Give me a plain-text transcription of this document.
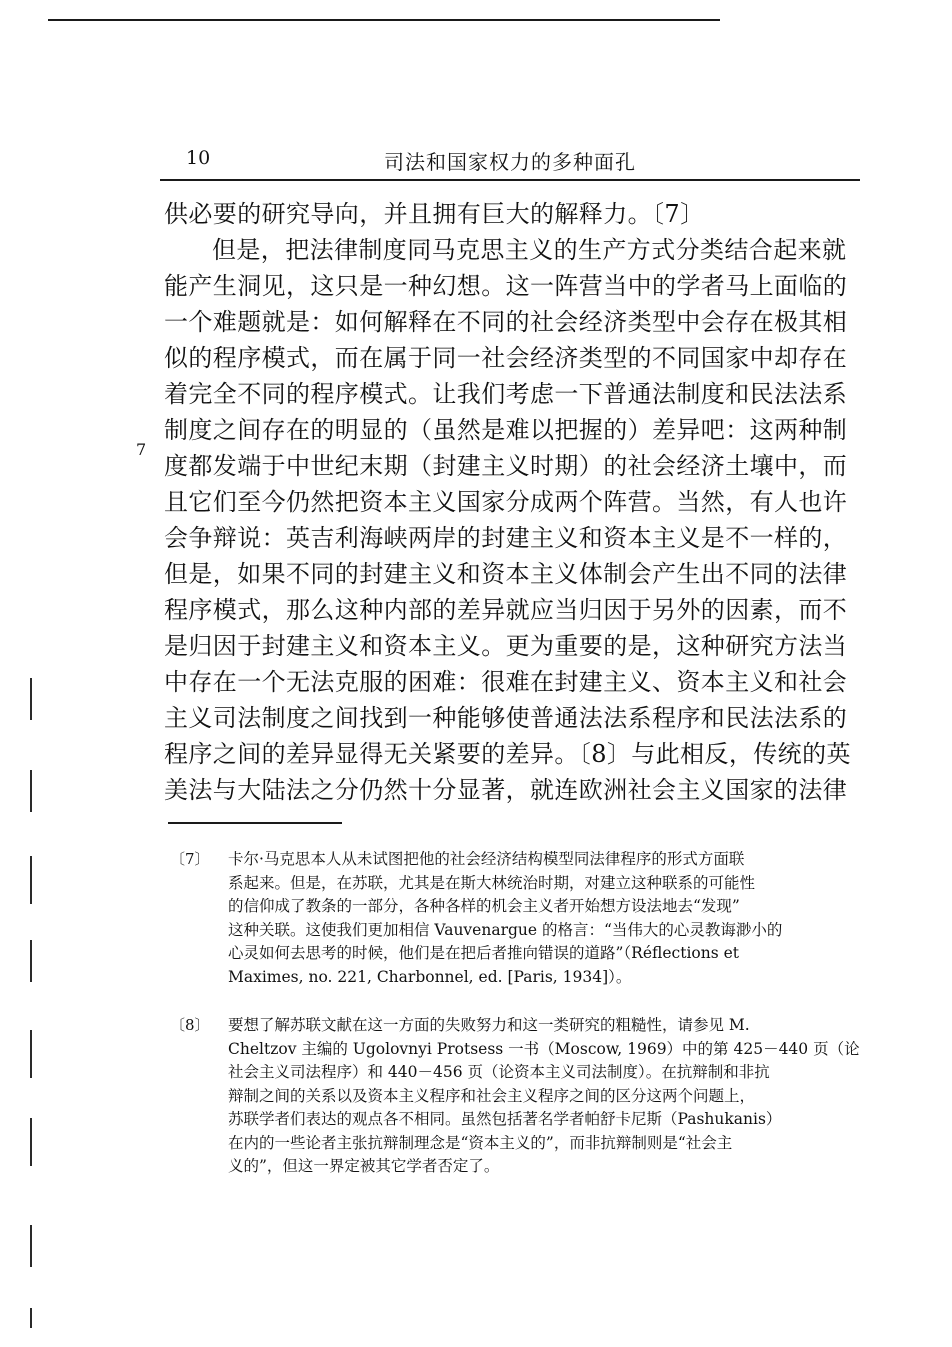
10	司法和国家权力的多种面孔
7
供必要的研究导向，并且拥有巨大的解释力。〔7〕
但是，把法律制度同马克思主义的生产方式分类结合起来就
能产生洞见，这只是一种幻想。这一阵营当中的学者马上面临的
一个难题就是：如何解释在不同的社会经济类型中会存在极其相
似的程序模式，而在属于同一社会经济类型的不同国家中却存在
着完全不同的程序模式。让我们考虑一下普通法制度和民法法系
制度之间存在的明显的（虽然是难以把握的）差异吧：这两种制
度都发端于中世纪末期（封建主义时期）的社会经济土壤中，而
且它们至今仍然把资本主义国家分成两个阵营。当然，有人也许
会争辩说：英吉利海峡两岸的封建主义和资本主义是不一样的，
但是，如果不同的封建主义和资本主义体制会产生出不同的法律
程序模式，那么这种内部的差异就应当归因于另外的因素，而不
是归因于封建主义和资本主义。更为重要的是，这种研究方法当
中存在一个无法克服的困难：很难在封建主义、资本主义和社会
主义司法制度之间找到一种能够使普通法法系程序和民法法系的
程序之间的差异显得无关紧要的差异。〔8〕与此相反，传统的英
美法与大陆法之分仍然十分显著，就连欧洲社会主义国家的法律
〔7〕	卡尔·马克思本人从未试图把他的社会经济结构模型同法律程序的形式方面联
系起来。但是，在苏联，尤其是在斯大林统治时期，对建立这种联系的可能性
的信仰成了教条的一部分，各种各样的机会主义者开始想方设法地去“发现”
这种关联。这使我们更加相信 Vauvenargue 的格言：“当伟大的心灵教诲渺小的
心灵如何去思考的时候，他们是在把后者推向错误的道路”（Réflections et
Maximes, no. 221, Charbonnel, ed. [Paris, 1934]）。
〔8〕	要想了解苏联文献在这一方面的失败努力和这一类研究的粗糙性，请参见 M.
Cheltzov 主编的 Ugolovnyi Protsess 一书（Moscow, 1969）中的第 425－440 页（论
社会主义司法程序）和 440－456 页（论资本主义司法制度）。在抗辩制和非抗
辩制之间的关系以及资本主义程序和社会主义程序之间的区分这两个问题上，
苏联学者们表达的观点各不相同。虽然包括著名学者帕舒卡尼斯（Pashukanis）
在内的一些论者主张抗辩制理念是“资本主义的”，而非抗辩制则是“社会主
义的”，但这一界定被其它学者否定了。
